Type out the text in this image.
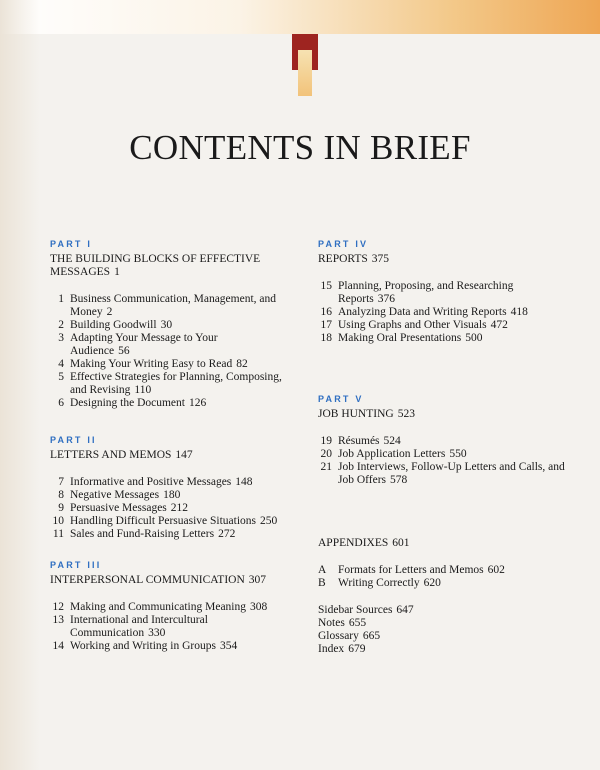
CONTENTS IN BRIEF
PART I
THE BUILDING BLOCKS OF EFFECTIVE MESSAGES 1
1 Business Communication, Management, and Money 2
2 Building Goodwill 30
3 Adapting Your Message to Your Audience 56
4 Making Your Writing Easy to Read 82
5 Effective Strategies for Planning, Composing, and Revising 110
6 Designing the Document 126
PART II
LETTERS AND MEMOS 147
7 Informative and Positive Messages 148
8 Negative Messages 180
9 Persuasive Messages 212
10 Handling Difficult Persuasive Situations 250
11 Sales and Fund-Raising Letters 272
PART III
INTERPERSONAL COMMUNICATION 307
12 Making and Communicating Meaning 308
13 International and Intercultural Communication 330
14 Working and Writing in Groups 354
PART IV
REPORTS 375
15 Planning, Proposing, and Researching Reports 376
16 Analyzing Data and Writing Reports 418
17 Using Graphs and Other Visuals 472
18 Making Oral Presentations 500
PART V
JOB HUNTING 523
19 Résumés 524
20 Job Application Letters 550
21 Job Interviews, Follow-Up Letters and Calls, and Job Offers 578
APPENDIXES 601
A	Formats for Letters and Memos 602
B	Writing Correctly 620
Sidebar Sources 647
Notes 655
Glossary 665
Index 679
